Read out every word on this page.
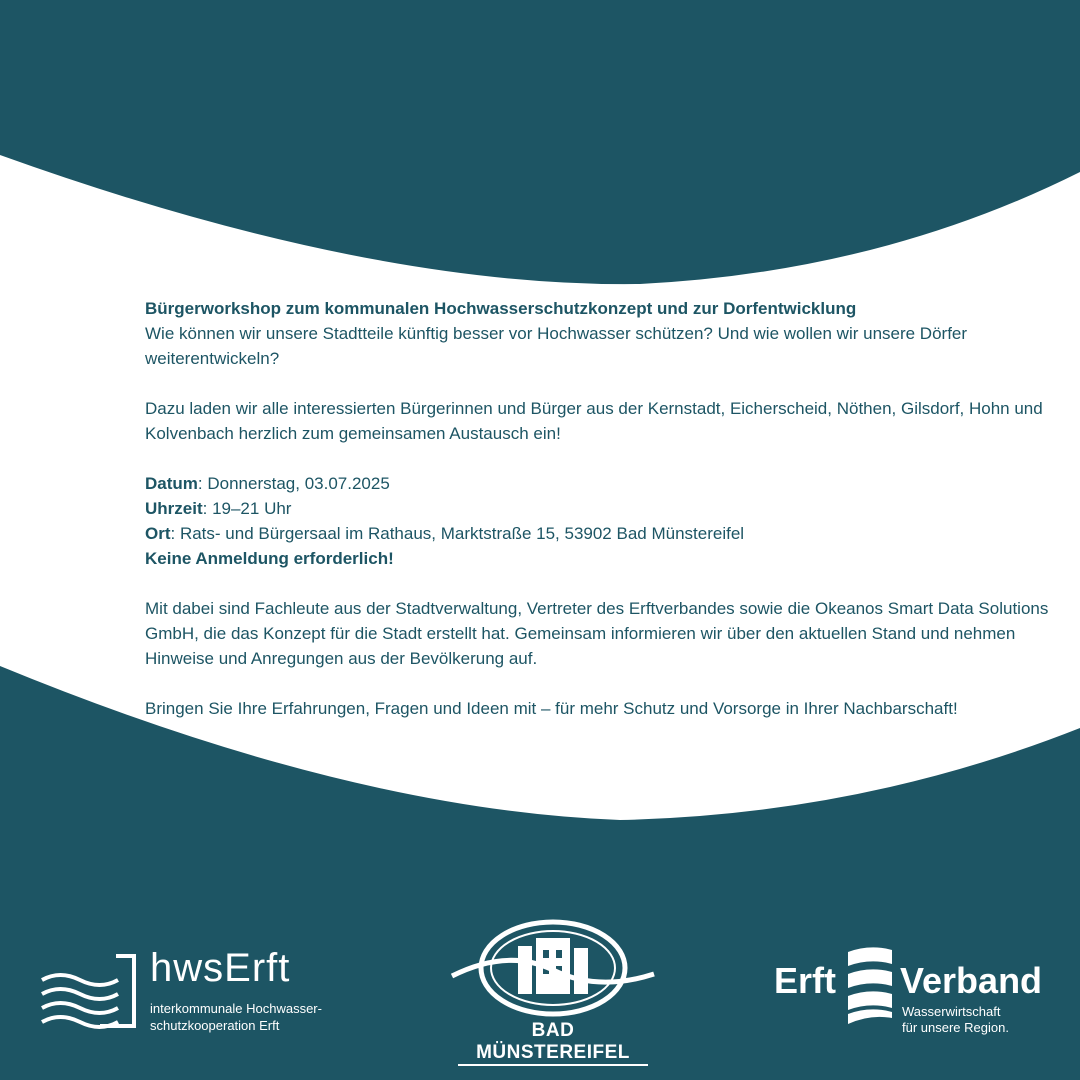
Bürgerworkshop zum kommunalen Hochwasserschutzkonzept und zur Dorfentwicklung

Wie können wir unsere Stadtteile künftig besser vor Hochwasser schützen? Und wie wollen wir unsere Dörfer weiterentwickeln?

Dazu laden wir alle interessierten Bürgerinnen und Bürger aus der Kernstadt, Eicherscheid, Nöthen, Gilsdorf, Hohn und Kolvenbach herzlich zum gemeinsamen Austausch ein!

Datum: Donnerstag, 03.07.2025

Uhrzeit: 19–21 Uhr

Ort: Rats- und Bürgersaal im Rathaus, Marktstraße 15, 53902 Bad Münstereifel

Keine Anmeldung erforderlich!

Mit dabei sind Fachleute aus der Stadtverwaltung, Vertreter des Erftverbandes sowie die Okeanos Smart Data Solutions GmbH, die das Konzept für die Stadt erstellt hat. Gemeinsam informieren wir über den aktuellen Stand und nehmen Hinweise und Anregungen aus der Bevölkerung auf.

Bringen Sie Ihre Erfahrungen, Fragen und Ideen mit – für mehr Schutz und Vorsorge in Ihrer Nachbarschaft!

hwsErft
interkommunale Hochwasser-
schutzkooperation Erft	BAD MÜNSTEREIFEL
Erft Verband
Wasserwirtschaft
für unsere Region.
